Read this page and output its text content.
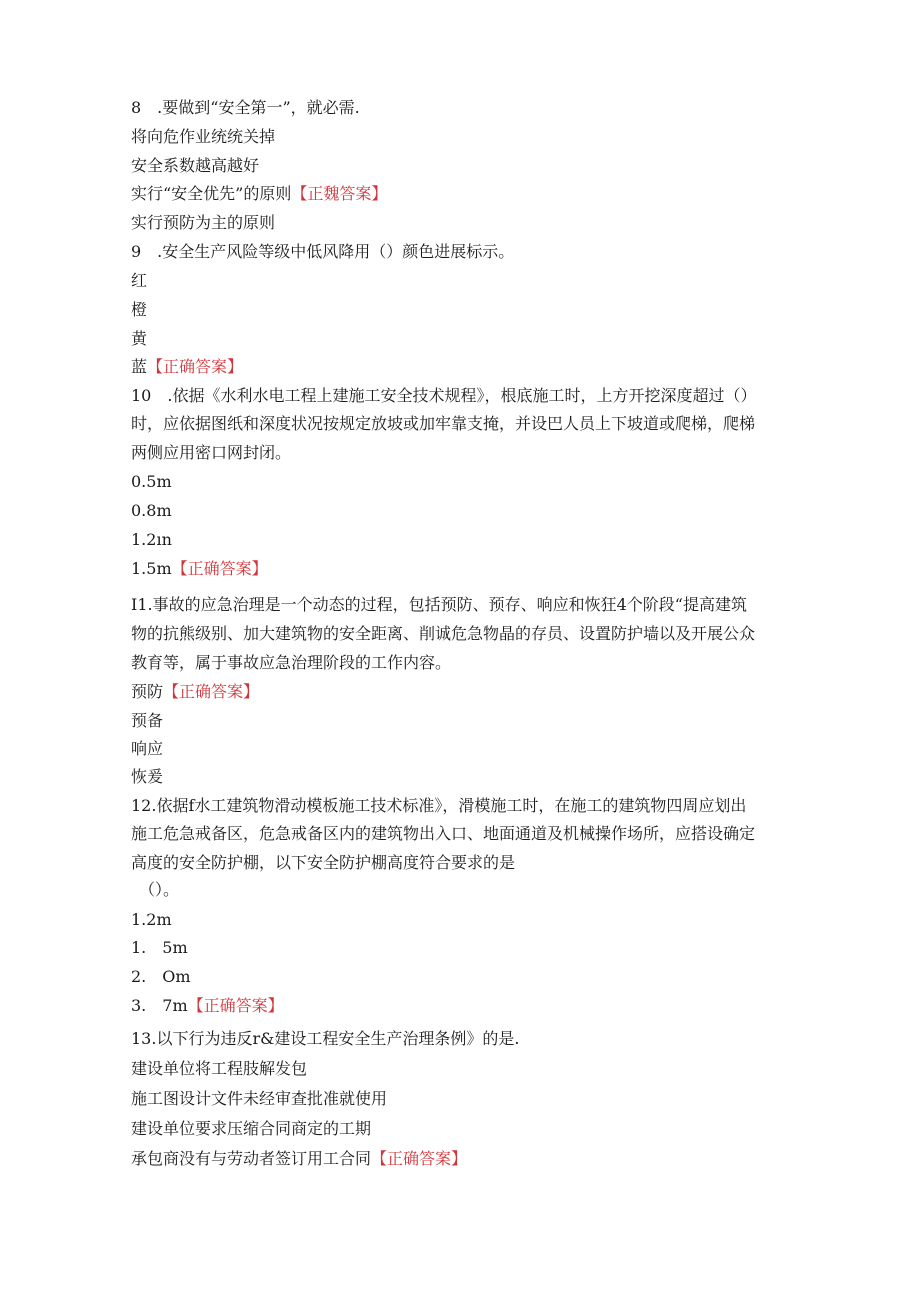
8　.要做到“安全第一”，就必需.
将向危作业统统关掉
安全系数越高越好
实行“安全优先”的原则【正魏答案】
实行预防为主的原则
9　.安全生产风险等级中低风降用（）颜色进展标示。
红
橙
黄
蓝【正确答案】
10　.依据《水利水电工程上建施工安全技术规程》，根底施工时，上方开挖深度超过（）
时，应依据图纸和深度状况按规定放坡或加牢靠支掩，并设巴人员上下坡道或爬梯，爬梯
两侧应用密口网封闭。
0.5m
0.8m
1.2ın
1.5m【正确答案】
I1.事故的应急治理是一个动态的过程，包括预防、预存、响应和恢狂4个阶段“提高建筑
物的抗熊级别、加大建筑物的安全距离、削诚危急物晶的存员、设置防护墙以及开展公众
教育等，属于事故应急治理阶段的工作内容。
预防【正确答案】
预备
响应
恢爰
12.依据f水工建筑物滑动模板施工技术标准》，滑模施工时，在施工的建筑物四周应划出
施工危急戒备区，危急戒备区内的建筑物出入口、地面通道及机械操作场所，应搭设确定
高度的安全防护棚，以下安全防护棚高度符合要求的是
（）。
1.2m
1.　5m
2.　Om
3.　7m【正确答案】
13.以下行为违反r&建设工程安全生产治理条例》的是.
建设单位将工程肢解发包
施工图设计文件未经审查批准就使用
建设单位要求压缩合同商定的工期
承包商没有与劳动者签订用工合同【正确答案】
